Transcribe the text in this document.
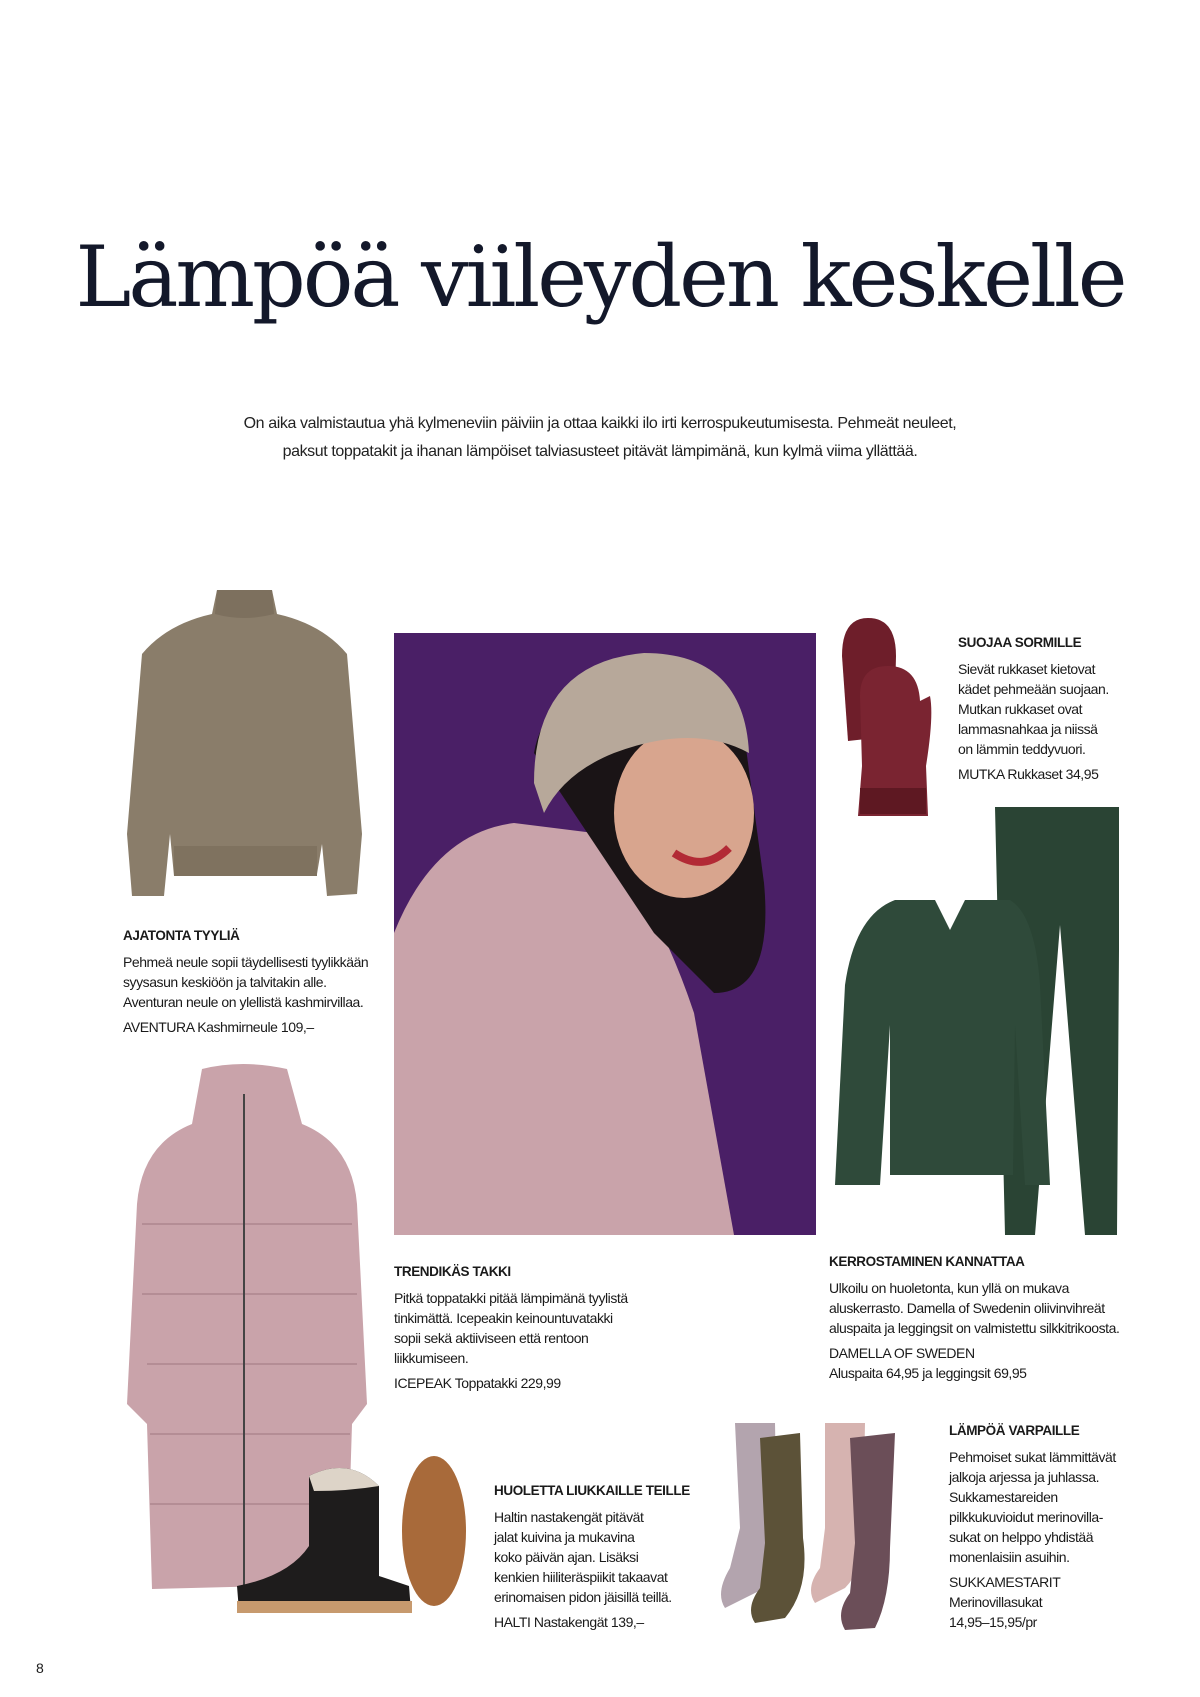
Lämpöä viileyden keskelle
On aika valmistautua yhä kylmeneviin päiviin ja ottaa kaikki ilo irti kerrospukeutumisesta. Pehmeät neuleet,
paksut toppatakit ja ihanan lämpöiset talviasusteet pitävät lämpimänä, kun kylmä viima yllättää.
AJATONTA TYYLIÄ

Pehmeä neule sopii täydellisesti tyylikkään
syysasun keskiöön ja talvitakin alle.
Aventuran neule on ylellistä kashmirvillaa.

AVENTURA Kashmirneule 109,–
TRENDIKÄS TAKKI

Pitkä toppatakki pitää lämpimänä tyylistä
tinkimättä. Icepeakin keinountuvatakki
sopii sekä aktiiviseen että rentoon
liikkumiseen.

ICEPEAK Toppatakki 229,99
SUOJAA SORMILLE

Sievät rukkaset kietovat
kädet pehmeään suojaan.
Mutkan rukkaset ovat
lammasnahkaa ja niissä
on lämmin teddyvuori.

MUTKA Rukkaset 34,95
KERROSTAMINEN KANNATTAA

Ulkoilu on huoletonta, kun yllä on mukava
aluskerrasto. Damella of Swedenin oliivinvihreät
aluspaita ja leggingsit on valmistettu silkkitrikoosta.

DAMELLA OF SWEDEN
Aluspaita 64,95 ja leggingsit 69,95
HUOLETTA LIUKKAILLE TEILLE

Haltin nastakengät pitävät
jalat kuivina ja mukavina
koko päivän ajan. Lisäksi
kenkien hiiliteräspiikit takaavat
erinomaisen pidon jäisillä teillä.

HALTI Nastakengät 139,–
LÄMPÖÄ VARPAILLE

Pehmoiset sukat lämmittävät
jalkoja arjessa ja juhlassa.
Sukkamestareiden
pilkkukuvioidut merinovilla-
sukat on helppo yhdistää
monenlaisiin asuihin.

SUKKAMESTARIT
Merinovillasukat
14,95–15,95/pr
8
